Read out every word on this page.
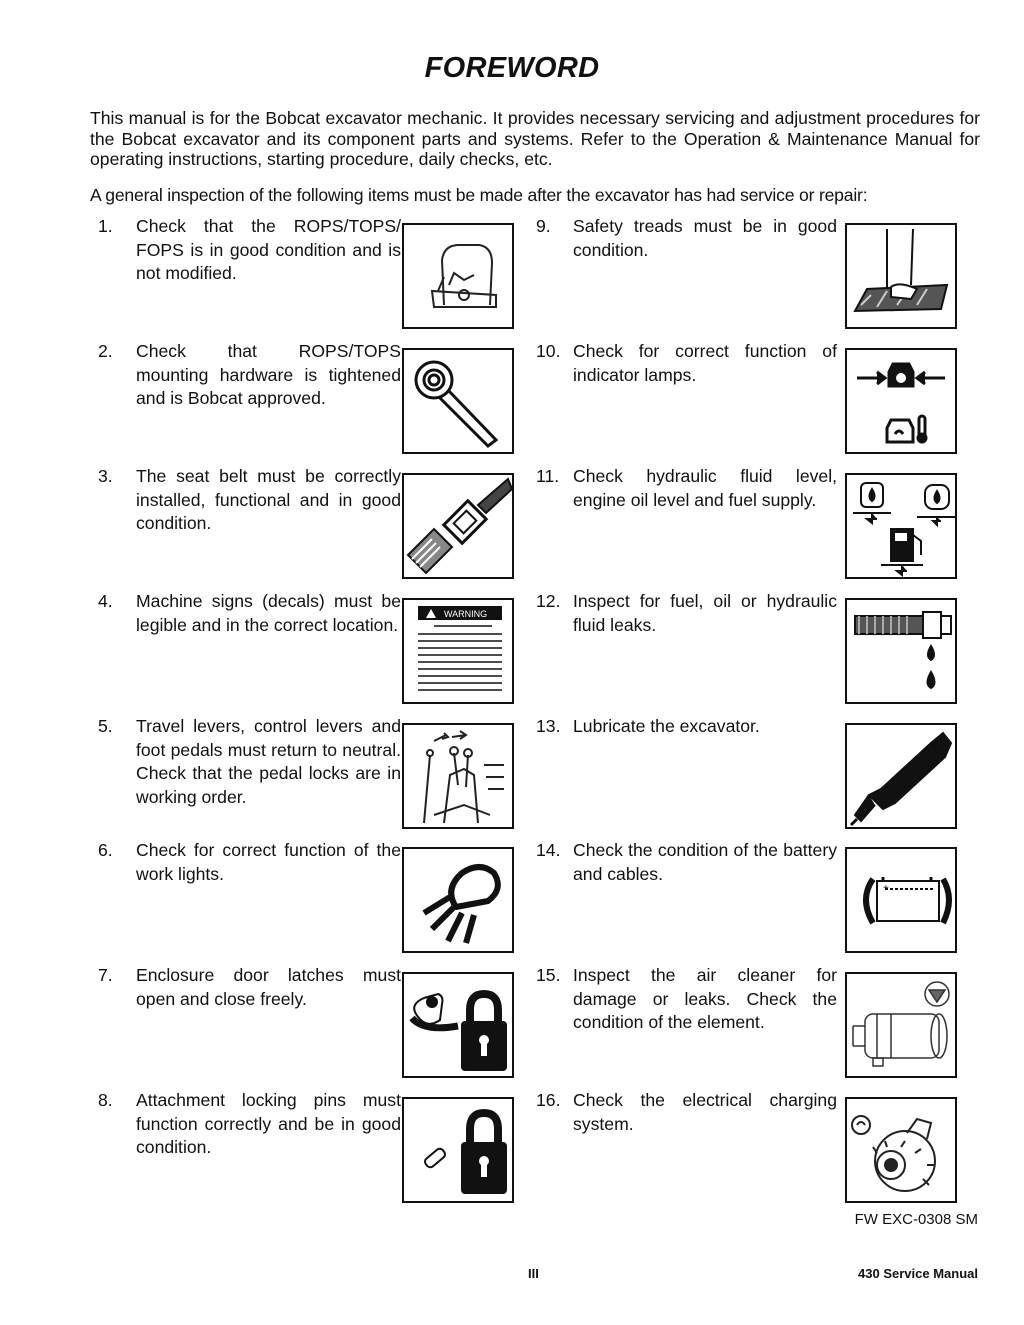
FOREWORD

This manual is for the Bobcat excavator mechanic. It provides necessary servicing and adjustment procedures for the Bobcat excavator and its component parts and systems. Refer to the Operation & Maintenance Manual for operating instructions, starting procedure, daily checks, etc.

A general inspection of the following items must be made after the excavator has had service or repair:

1. Check that the ROPS/TOPS/ FOPS is in good condition and is not modified.
2. Check that ROPS/TOPS mounting hardware is tightened and is Bobcat approved.
3. The seat belt must be correctly installed, functional and in good condition.
4. Machine signs (decals) must be legible and in the correct location.
WARNING
5. Travel levers, control levers and foot pedals must return to neutral. Check that the pedal locks are in working order.
6. Check for correct function of the work lights.
7. Enclosure door latches must open and close freely.
8. Attachment locking pins must function correctly and be in good condition.
9. Safety treads must be in good condition.
10. Check for correct function of indicator lamps.
11. Check hydraulic fluid level, engine oil level and fuel supply.
12. Inspect for fuel, oil or hydraulic fluid leaks.
13. Lubricate the excavator.
14. Check the condition of the battery and cables.
+
15. Inspect the air cleaner for damage or leaks. Check the condition of the element.
16. Check the electrical charging system.
FW EXC-0308 SM
III	430 Service Manual
